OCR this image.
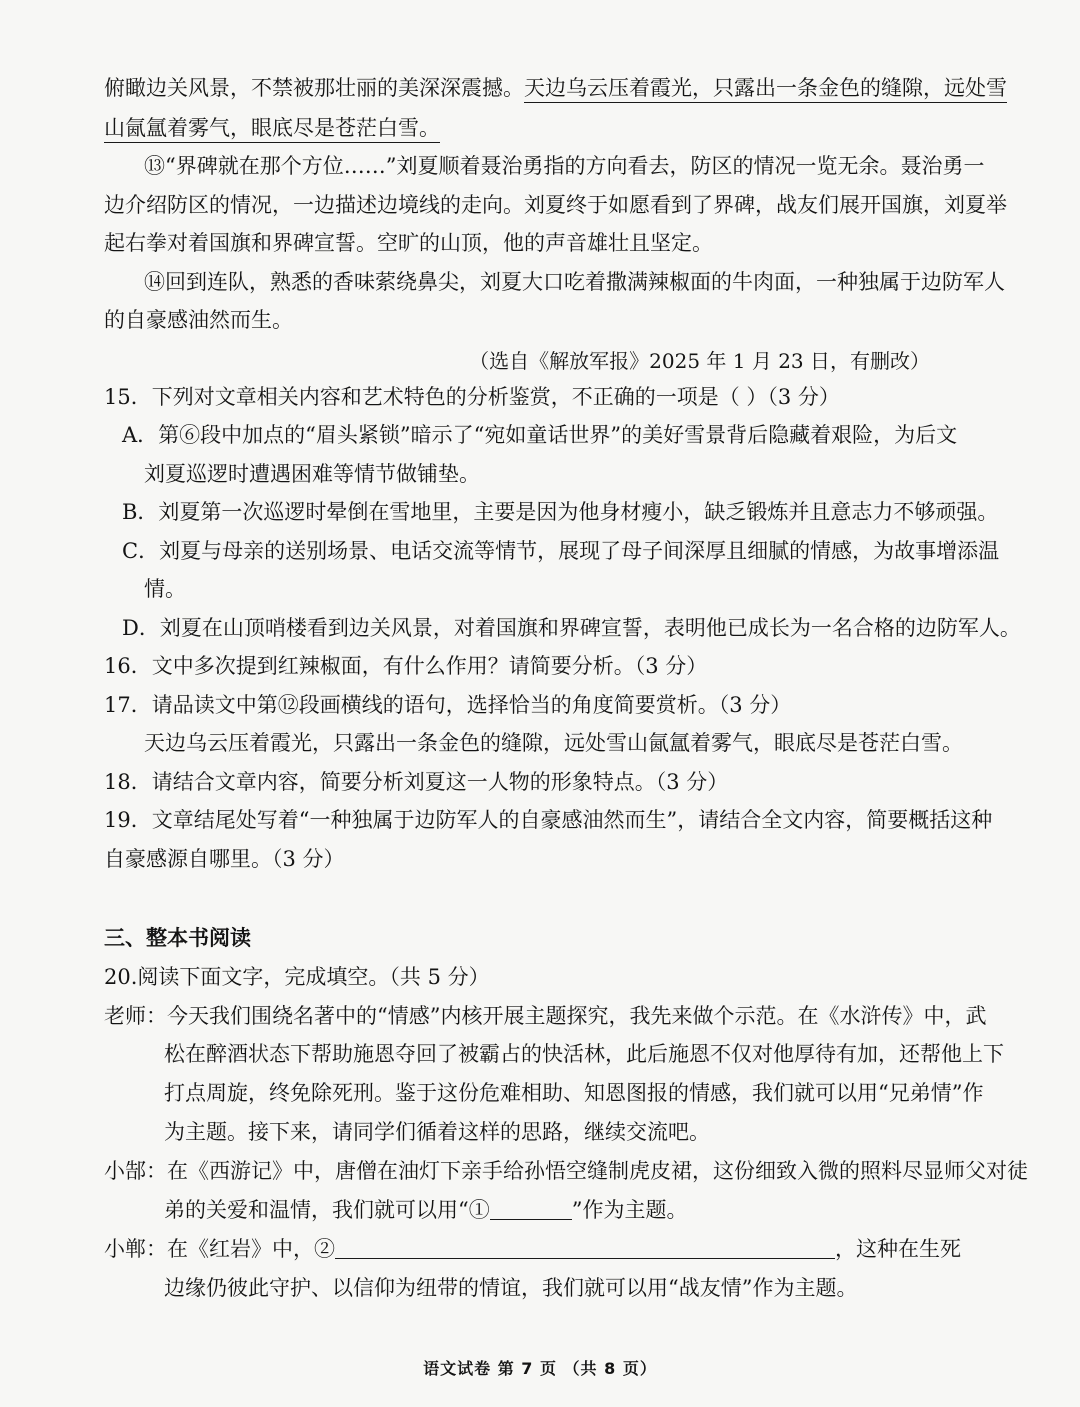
俯瞰边关风景，不禁被那壮丽的美深深震撼。天边乌云压着霞光，只露出一条金色的缝隙，远处雪
山氤氲着雾气，眼底尽是苍茫白雪。
⑬“界碑就在那个方位……”刘夏顺着聂治勇指的方向看去，防区的情况一览无余。聂治勇一
边介绍防区的情况，一边描述边境线的走向。刘夏终于如愿看到了界碑，战友们展开国旗，刘夏举
起右拳对着国旗和界碑宣誓。空旷的山顶，他的声音雄壮且坚定。
⑭回到连队，熟悉的香味萦绕鼻尖，刘夏大口吃着撒满辣椒面的牛肉面，一种独属于边防军人
的自豪感油然而生。
（选自《解放军报》2025 年 1 月 23 日，有删改）
15．下列对文章相关内容和艺术特色的分析鉴赏，不正确的一项是（ ）（3 分）
A．第⑥段中加点的“眉头紧锁”暗示了“宛如童话世界”的美好雪景背后隐藏着艰险，为后文
刘夏巡逻时遭遇困难等情节做铺垫。
B．刘夏第一次巡逻时晕倒在雪地里，主要是因为他身材瘦小，缺乏锻炼并且意志力不够顽强。
C．刘夏与母亲的送别场景、电话交流等情节，展现了母子间深厚且细腻的情感，为故事增添温
情。
D．刘夏在山顶哨楼看到边关风景，对着国旗和界碑宣誓，表明他已成长为一名合格的边防军人。
16．文中多次提到红辣椒面，有什么作用？请简要分析。（3 分）
17．请品读文中第⑫段画横线的语句，选择恰当的角度简要赏析。（3 分）
天边乌云压着霞光，只露出一条金色的缝隙，远处雪山氤氲着雾气，眼底尽是苍茫白雪。
18．请结合文章内容，简要分析刘夏这一人物的形象特点。（3 分）
19．文章结尾处写着“一种独属于边防军人的自豪感油然而生”，请结合全文内容，简要概括这种
自豪感源自哪里。（3 分）
三、整本书阅读
20.阅读下面文字，完成填空。（共 5 分）
老师：今天我们围绕名著中的“情感”内核开展主题探究，我先来做个示范。在《水浒传》中，武
松在醉酒状态下帮助施恩夺回了被霸占的快活林，此后施恩不仅对他厚待有加，还帮他上下
打点周旋，终免除死刑。鉴于这份危难相助、知恩图报的情感，我们就可以用“兄弟情”作
为主题。接下来，请同学们循着这样的思路，继续交流吧。
小郜：在《西游记》中，唐僧在油灯下亲手给孙悟空缝制虎皮裙，这份细致入微的照料尽显师父对徒
弟的关爱和温情，我们就可以用“①	”作为主题。
小郸：在《红岩》中，②	，这种在生死
边缘仍彼此守护、以信仰为纽带的情谊，我们就可以用“战友情”作为主题。
语文试卷 第 7 页 （共 8 页）
